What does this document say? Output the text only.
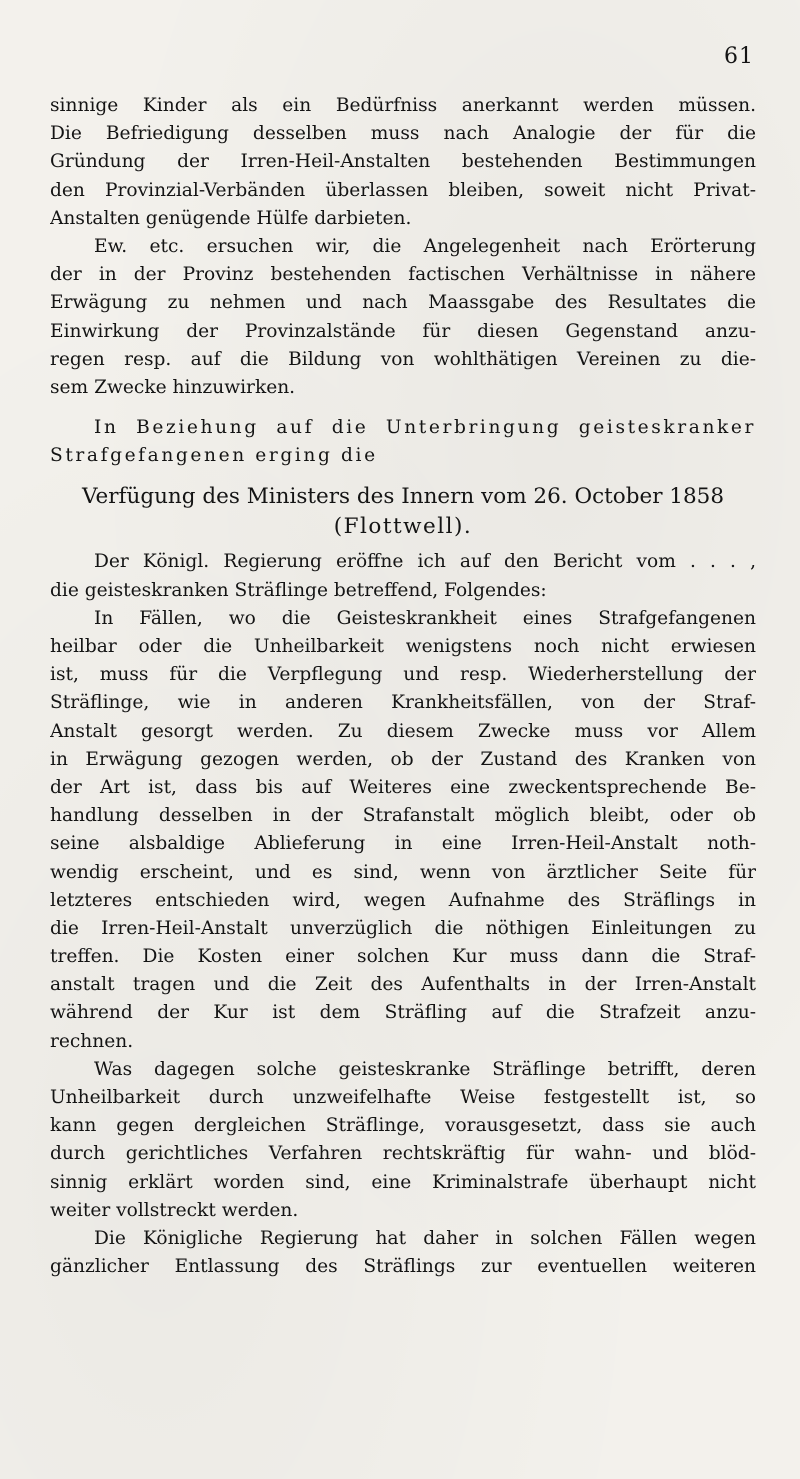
61
sinnige Kinder als ein Bedürfniss anerkannt werden müssen.
Die Befriedigung desselben muss nach Analogie der für die
Gründung der Irren-Heil-Anstalten bestehenden Bestimmungen
den Provinzial-Verbänden überlassen bleiben, soweit nicht Privat-
Anstalten genügende Hülfe darbieten.
Ew. etc. ersuchen wir, die Angelegenheit nach Erörterung
der in der Provinz bestehenden factischen Verhältnisse in nähere
Erwägung zu nehmen und nach Maassgabe des Resultates die
Einwirkung der Provinzalstände für diesen Gegenstand anzu-
regen resp. auf die Bildung von wohlthätigen Vereinen zu die-
sem Zwecke hinzuwirken.
In Beziehung auf die Unterbringung geisteskranker
Strafgefangenen erging die
Verfügung des Ministers des Innern vom 26. October 1858
(Flottwell).
Der Königl. Regierung eröffne ich auf den Bericht vom . . . ,
die geisteskranken Sträflinge betreffend, Folgendes:
In Fällen, wo die Geisteskrankheit eines Strafgefangenen
heilbar oder die Unheilbarkeit wenigstens noch nicht erwiesen
ist, muss für die Verpflegung und resp. Wiederherstellung der
Sträflinge, wie in anderen Krankheitsfällen, von der Straf-
Anstalt gesorgt werden. Zu diesem Zwecke muss vor Allem
in Erwägung gezogen werden, ob der Zustand des Kranken von
der Art ist, dass bis auf Weiteres eine zweckentsprechende Be-
handlung desselben in der Strafanstalt möglich bleibt, oder ob
seine alsbaldige Ablieferung in eine Irren-Heil-Anstalt noth-
wendig erscheint, und es sind, wenn von ärztlicher Seite für
letzteres entschieden wird, wegen Aufnahme des Sträflings in
die Irren-Heil-Anstalt unverzüglich die nöthigen Einleitungen zu
treffen. Die Kosten einer solchen Kur muss dann die Straf-
anstalt tragen und die Zeit des Aufenthalts in der Irren-Anstalt
während der Kur ist dem Sträfling auf die Strafzeit anzu-
rechnen.
Was dagegen solche geisteskranke Sträflinge betrifft, deren
Unheilbarkeit durch unzweifelhafte Weise festgestellt ist, so
kann gegen dergleichen Sträflinge, vorausgesetzt, dass sie auch
durch gerichtliches Verfahren rechtskräftig für wahn- und blöd-
sinnig erklärt worden sind, eine Kriminalstrafe überhaupt nicht
weiter vollstreckt werden.
Die Königliche Regierung hat daher in solchen Fällen wegen
gänzlicher Entlassung des Sträflings zur eventuellen weiteren
